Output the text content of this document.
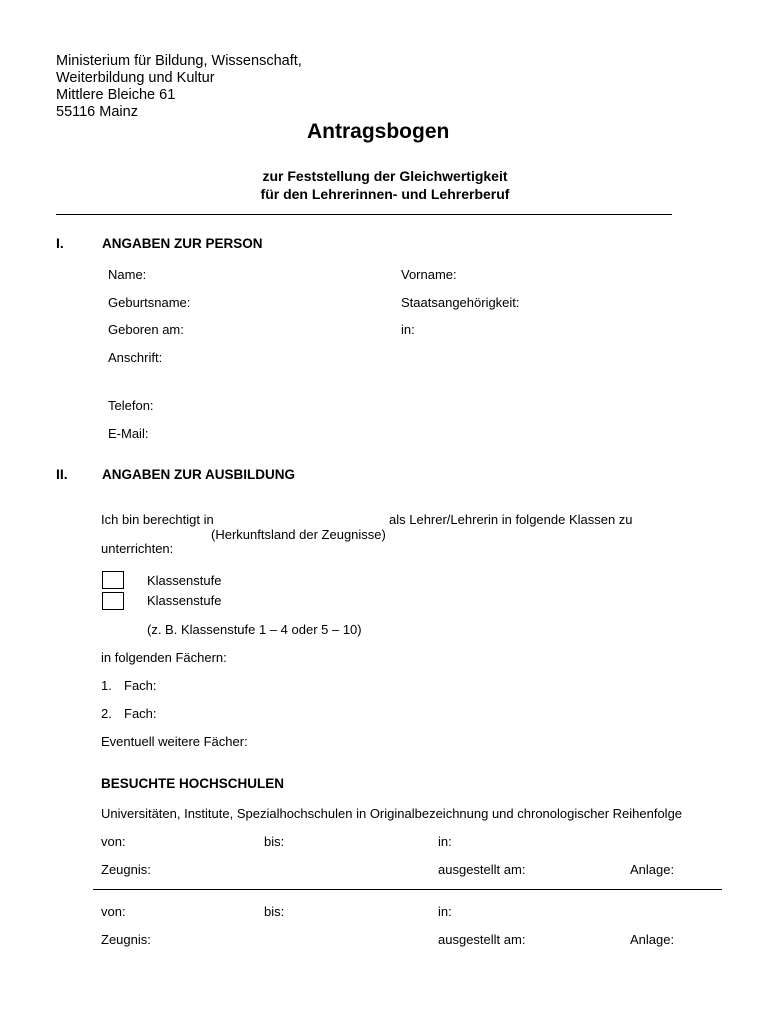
Ministerium für Bildung, Wissenschaft,
Weiterbildung und Kultur
Mittlere Bleiche 61
55116 Mainz
Antragsbogen
zur Feststellung der Gleichwertigkeit
für den Lehrerinnen- und Lehrerberuf
I.	ANGABEN ZUR PERSON
Name:	Vorname:
Geburtsname:	Staatsangehörigkeit:
Geboren am:	in:
Anschrift:
Telefon:
E-Mail:
II.	ANGABEN ZUR AUSBILDUNG
Ich bin berechtigt in	als Lehrer/Lehrerin in folgende Klassen zu
(Herkunftsland der Zeugnisse)
unterrichten:
Klassenstufe
Klassenstufe
(z. B. Klassenstufe 1 – 4 oder 5 – 10)
in folgenden Fächern:
1. Fach:
2. Fach:
Eventuell weitere Fächer:
BESUCHTE HOCHSCHULEN
Universitäten, Institute, Spezialhochschulen in Originalbezeichnung und chronologischer Reihenfolge
von:	bis:	in:
Zeugnis:	ausgestellt am:	Anlage:
von:	bis:	in:
Zeugnis:	ausgestellt am:	Anlage:
